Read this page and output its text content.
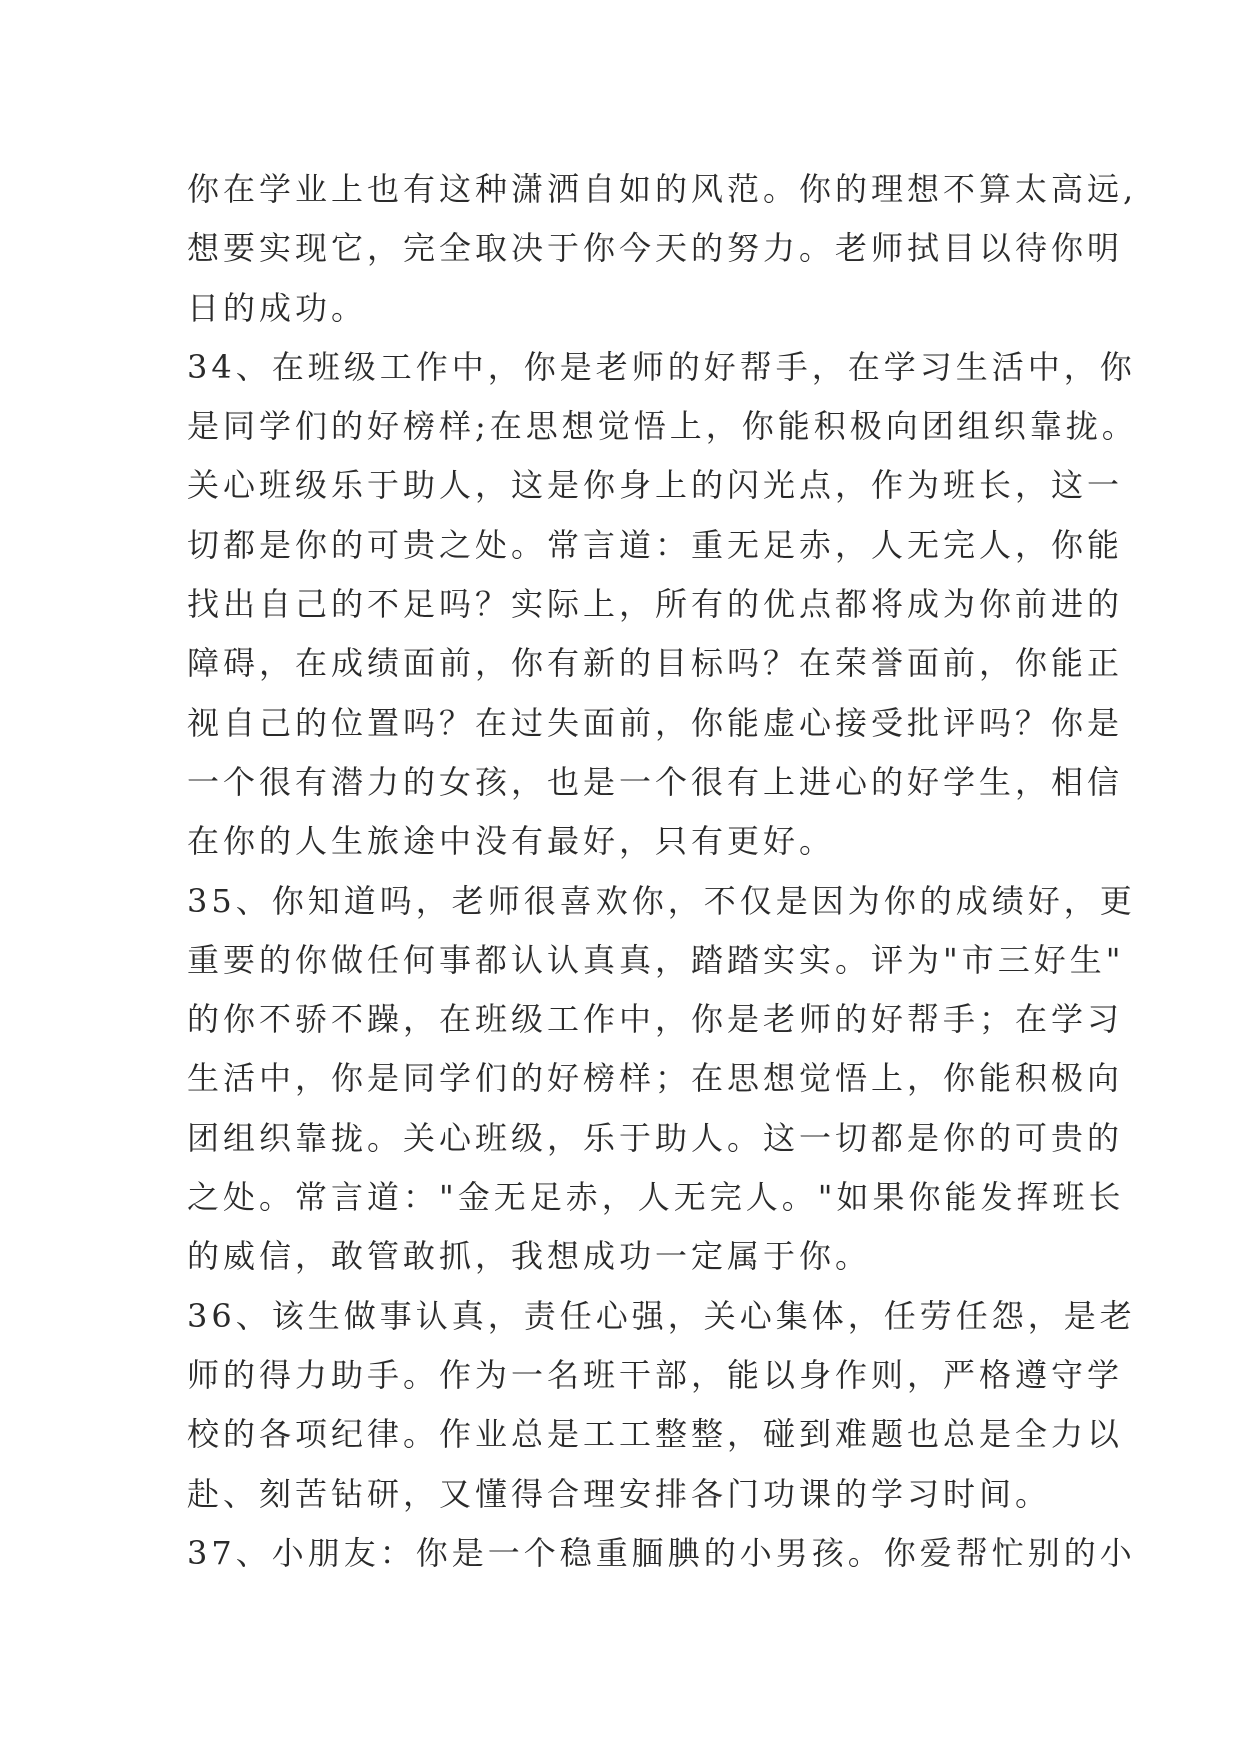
你在学业上也有这种潇洒自如的风范。你的理想不算太高远,
想要实现它，完全取决于你今天的努力。老师拭目以待你明
日的成功。
34、在班级工作中，你是老师的好帮手，在学习生活中，你
是同学们的好榜样;在思想觉悟上，你能积极向团组织靠拢。
关心班级乐于助人，这是你身上的闪光点，作为班长，这一
切都是你的可贵之处。常言道：重无足赤，人无完人，你能
找出自己的不足吗？实际上，所有的优点都将成为你前进的
障碍，在成绩面前，你有新的目标吗？在荣誉面前，你能正
视自己的位置吗？在过失面前，你能虚心接受批评吗？你是
一个很有潜力的女孩，也是一个很有上进心的好学生，相信
在你的人生旅途中没有最好，只有更好。
35、你知道吗，老师很喜欢你，不仅是因为你的成绩好，更
重要的你做任何事都认认真真，踏踏实实。评为"市三好生"
的你不骄不躁，在班级工作中，你是老师的好帮手；在学习
生活中，你是同学们的好榜样；在思想觉悟上，你能积极向
团组织靠拢。关心班级，乐于助人。这一切都是你的可贵的
之处。常言道："金无足赤，人无完人。"如果你能发挥班长
的威信，敢管敢抓，我想成功一定属于你。
36、该生做事认真，责任心强，关心集体，任劳任怨，是老
师的得力助手。作为一名班干部，能以身作则，严格遵守学
校的各项纪律。作业总是工工整整，碰到难题也总是全力以
赴、刻苦钻研，又懂得合理安排各门功课的学习时间。
37、小朋友：你是一个稳重腼腆的小男孩。你爱帮忙别的小
